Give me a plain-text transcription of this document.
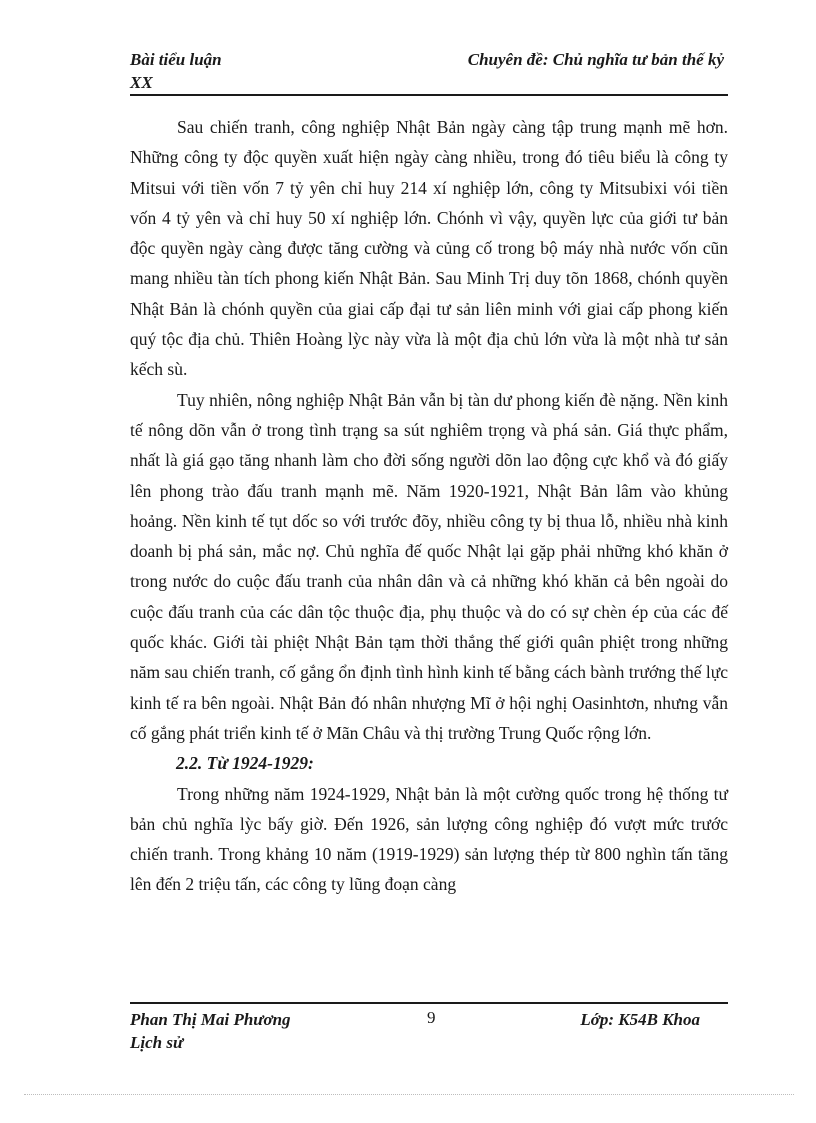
Bài tiểu luận
XX
Chuyên đề: Chủ nghĩa tư bản thế kỷ

Sau chiến tranh, công nghiệp Nhật Bản ngày càng tập trung mạnh mẽ hơn. Những công ty độc quyền xuất hiện ngày càng nhiều, trong đó tiêu biểu là công ty Mitsui với tiền vốn 7 tỷ yên chỉ huy 214 xí nghiệp lớn, công ty Mitsubixi vói tiền vốn 4 tỷ yên và chỉ huy 50 xí nghiệp lớn. Chónh vì vậy, quyền lực của giới tư bản độc quyền ngày càng được tăng cường và củng cố trong bộ máy nhà nước vốn cũn mang nhiều tàn tích phong kiến Nhật Bản. Sau Minh Trị duy tõn 1868, chónh quyền Nhật Bản là chónh quyền của giai cấp đại tư sản liên minh với giai cấp phong kiến quý tộc địa chủ. Thiên Hoàng lỳc này vừa là một địa chủ lớn vừa là một nhà tư sản kếch sù.

Tuy nhiên, nông nghiệp Nhật Bản vẫn bị tàn dư phong kiến đè nặng. Nền kinh tế nông dõn vẫn ở trong tình trạng sa sút nghiêm trọng và phá sản. Giá thực phẩm, nhất là giá gạo tăng nhanh làm cho đời sống người dõn lao động cực khổ và đó giấy lên phong trào đấu tranh mạnh mẽ. Năm 1920-1921, Nhật Bản lâm vào khủng hoảng. Nền kinh tế tụt dốc so với trước đõy, nhiều công ty bị thua lỗ, nhiều nhà kinh doanh bị phá sản, mắc nợ. Chủ nghĩa đế quốc Nhật lại gặp phải những khó khăn ở trong nước do cuộc đấu tranh của nhân dân và cả những khó khăn cả bên ngoài do cuộc đấu tranh của các dân tộc thuộc địa, phụ thuộc và do có sự chèn ép của các đế quốc khác. Giới tài phiệt Nhật Bản tạm thời thắng thế giới quân phiệt trong những năm sau chiến tranh, cố gắng ổn định tình hình kinh tế bằng cách bành trướng thế lực kinh tế ra bên ngoài. Nhật Bản đó nhân nhượng Mĩ ở hội nghị Oasinhtơn, nhưng vẫn cố gắng phát triển kinh tế ở Mãn Châu và thị trường Trung Quốc rộng lớn.

2.2. Từ 1924-1929:

Trong những năm 1924-1929, Nhật bản là một cường quốc trong hệ thống tư bản chủ nghĩa lỳc bấy giờ. Đến 1926, sản lượng công nghiệp đó vượt mức trước chiến tranh. Trong khảng 10 năm (1919-1929) sản lượng thép từ 800 nghìn tấn tăng lên đến 2 triệu tấn, các công ty lũng đoạn càng

Phan Thị Mai Phương
Lịch sử
9	Lớp: K54B Khoa
